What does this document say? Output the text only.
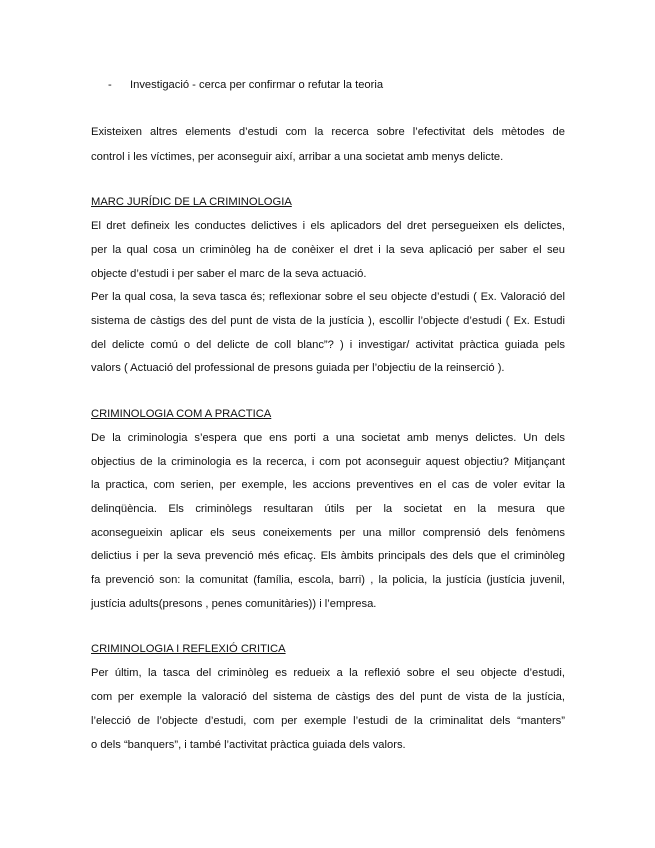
- Investigació - cerca per confirmar o refutar la teoria
Existeixen altres elements d’estudi com la recerca sobre l’efectivitat dels mètodes de
control i les víctimes, per aconseguir així, arribar a una societat amb menys delicte.
MARC JURÍDIC DE LA CRIMINOLOGIA
El dret defineix les conductes delictives i els aplicadors del dret persegueixen els delictes,
per la qual cosa un criminòleg ha de conèixer el dret i la seva aplicació per saber el seu
objecte d’estudi i per saber el marc de la seva actuació.
Per la qual cosa, la seva tasca és; reflexionar sobre el seu objecte d’estudi ( Ex. Valoració del
sistema de càstigs des del punt de vista de la justícia ), escollir l’objecte d’estudi ( Ex. Estudi
del delicte comú o del delicte de coll blanc”? ) i investigar/ activitat pràctica guiada pels
valors ( Actuació del professional de presons guiada per l’objectiu de la reinserció ).
CRIMINOLOGIA COM A PRACTICA
De la criminologia s’espera que ens porti a una societat amb menys delictes. Un dels
objectius de la criminologia es la recerca, i com pot aconseguir aquest objectiu? Mitjançant
la practica, com serien, per exemple, les accions preventives en el cas de voler evitar la
delinqüència. Els criminòlegs resultaran útils per la societat en la mesura que
aconsegueixin aplicar els seus coneixements per una millor comprensió dels fenòmens
delictius i per la seva prevenció més eficaç. Els àmbits principals des dels que el criminòleg
fa prevenció son: la comunitat (família, escola, barri) , la policia, la justícia (justícia juvenil,
justícia adults(presons , penes comunitàries)) i l’empresa.
CRIMINOLOGIA I REFLEXIÓ CRITICA
Per últim, la tasca del criminòleg es redueix a la reflexió sobre el seu objecte d’estudi,
com per exemple la valoració del sistema de càstigs des del punt de vista de la justícia,
l’elecció de l’objecte d’estudi, com per exemple l’estudi de la criminalitat dels “manters”
o dels “banquers”, i també l’activitat pràctica guiada dels valors.
